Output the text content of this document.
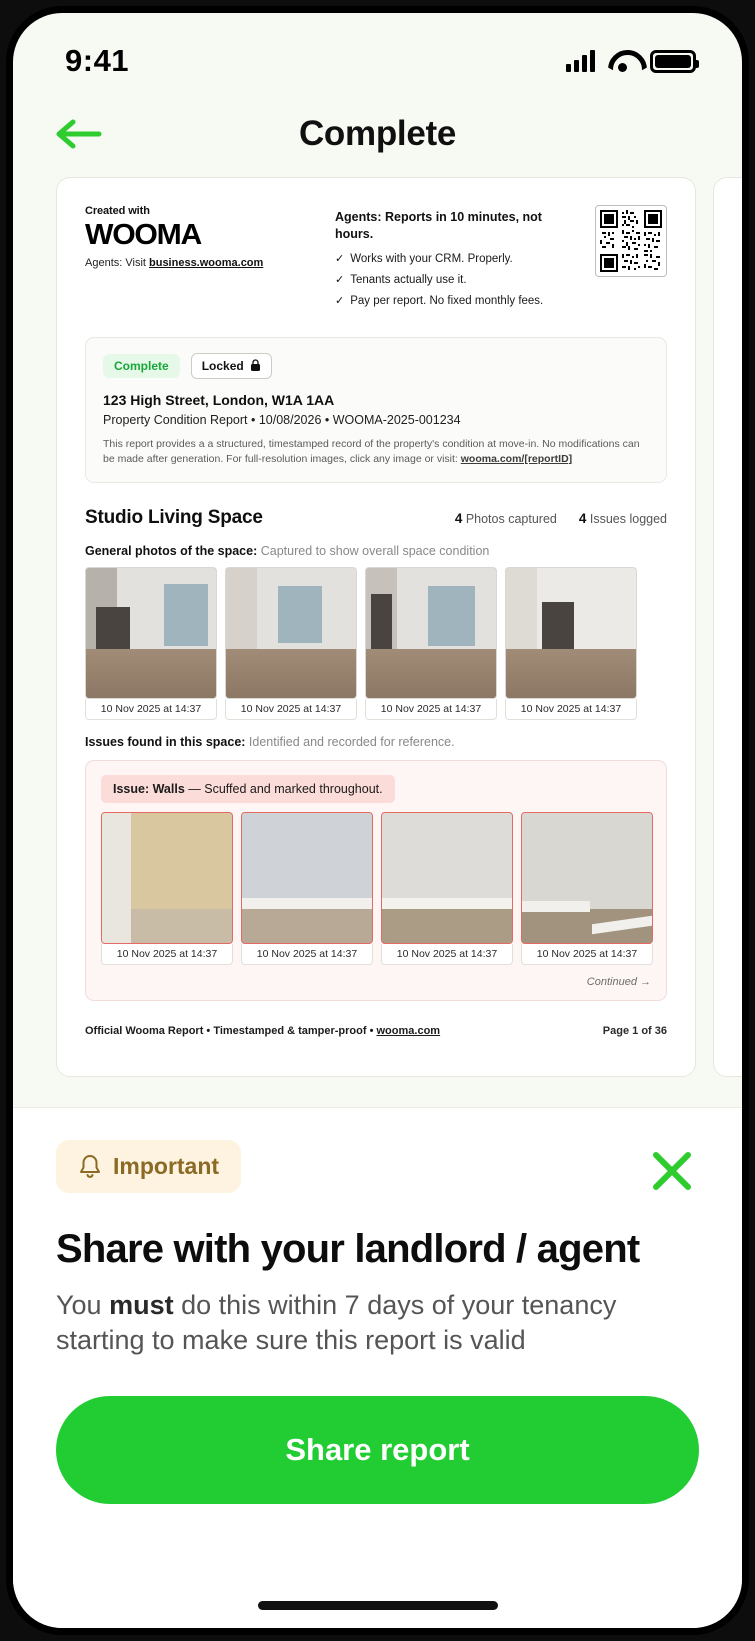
9:41
Complete
Created with
WOOMA
Agents: Visit business.wooma.com
Agents: Reports in 10 minutes, not hours.
✓ Works with your CRM. Properly.
✓ Tenants actually use it.
✓ Pay per report. No fixed monthly fees.
Complete	Locked
123 High Street, London, W1A 1AA
Property Condition Report • 10/08/2026 • WOOMA-2025-001234
This report provides a a structured, timestamped record of the property's condition at move-in. No modifications can be made after generation. For full-resolution images, click any image or visit: wooma.com/[reportID]
Studio Living Space	4 Photos captured 4 Issues logged
General photos of the space: Captured to show overall space condition
10 Nov 2025 at 14:37	10 Nov 2025 at 14:37	10 Nov 2025 at 14:37	10 Nov 2025 at 14:37
Issues found in this space: Identified and recorded for reference.
Issue: Walls — Scuffed and marked throughout.
10 Nov 2025 at 14:37	10 Nov 2025 at 14:37	10 Nov 2025 at 14:37	10 Nov 2025 at 14:37
Continued →
Official Wooma Report • Timestamped & tamper-proof • wooma.com	Page 1 of 36
Important
Share with your landlord / agent
You must do this within 7 days of your tenancy starting to make sure this report is valid
Share report
